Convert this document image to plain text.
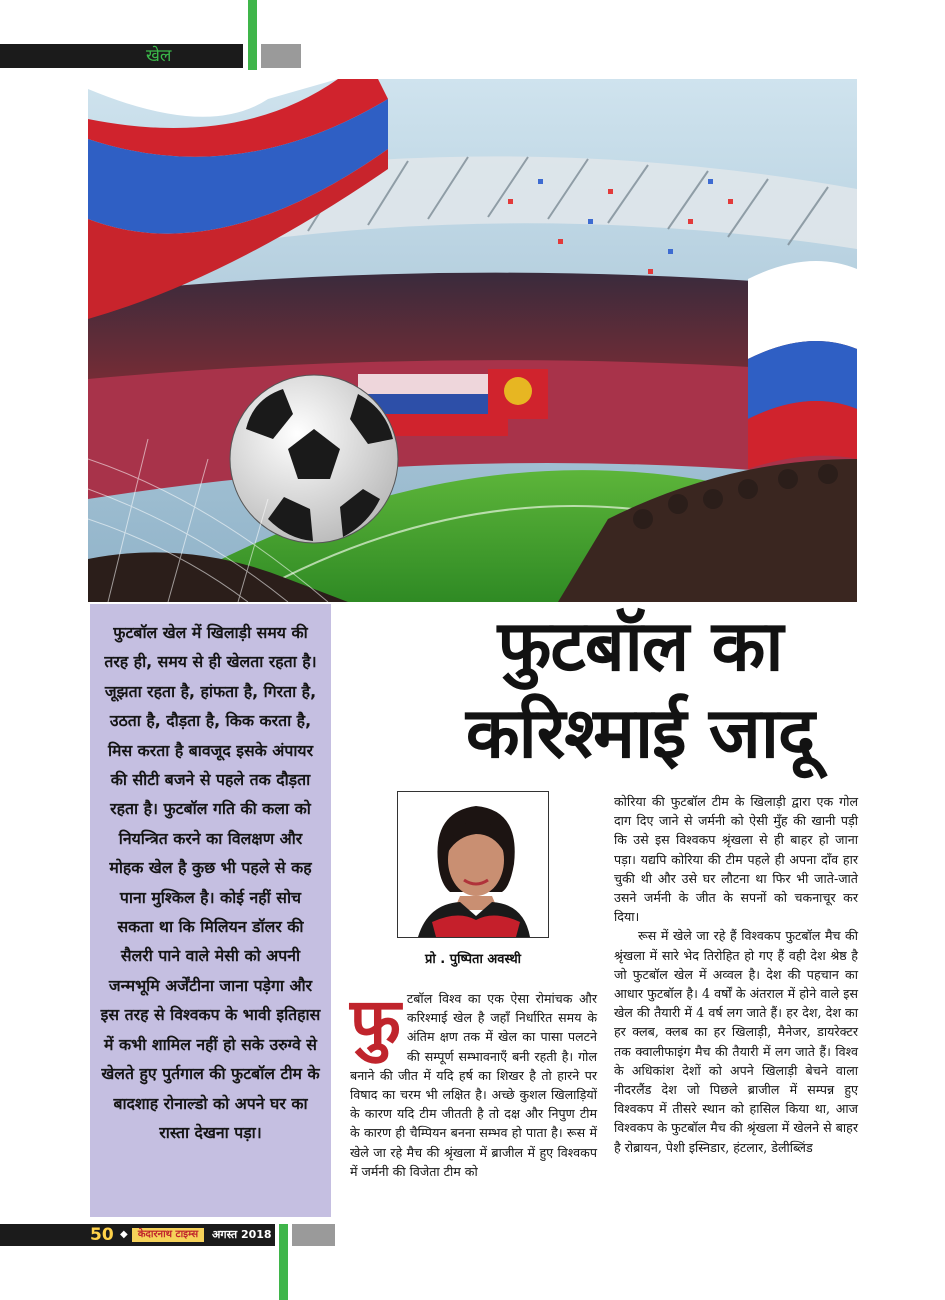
खेल

फुटबॉल खेल में खिलाड़ी समय की तरह ही, समय से ही खेलता रहता है। जूझता रहता है, हांफता है, गिरता है, उठता है, दौड़ता है, किक करता है, मिस करता है बावजूद इसके अंपायर की सीटी बजने से पहले तक दौड़ता रहता है। फुटबॉल गति की कला को नियन्त्रित करने का विलक्षण और मोहक खेल है कुछ भी पहले से कह पाना मुश्किल है। कोई नहीं सोच सकता था कि मिलियन डॉलर की सैलरी पाने वाले मेसी को अपनी जन्मभूमि अर्जेंटीना जाना पड़ेगा और इस तरह से विश्वकप के भावी इतिहास में कभी शामिल नहीं हो सके उरुग्वे से खेलते हुए पुर्तगाल की फुटबॉल टीम के बादशाह रोनाल्डो को अपने घर का रास्ता देखना पड़ा।

फुटबॉल का
करिश्माई जादू
प्रो . पुष्पिता अवस्थी

फुटबॉल विश्व का एक ऐसा रोमांचक और करिश्माई खेल है जहाँ निर्धारित समय के अंतिम क्षण तक में खेल का पासा पलटने की सम्पूर्ण सम्भावनाएँ बनी रहती है। गोल बनाने की जीत में यदि हर्ष का शिखर है तो हारने पर विषाद का चरम भी लक्षित है। अच्छे कुशल खिलाड़ियों के कारण यदि टीम जीतती है तो दक्ष और निपुण टीम के कारण ही चैम्पियन बनना सम्भव हो पाता है। रूस में खेले जा रहे मैच की श्रृंखला में ब्राजील में हुए विश्वकप में जर्मनी की विजेता टीम को

कोरिया की फुटबॉल टीम के खिलाड़ी द्वारा एक गोल दाग दिए जाने से जर्मनी को ऐसी मुँह की खानी पड़ी कि उसे इस विश्वकप श्रृंखला से ही बाहर हो जाना पड़ा। यद्यपि कोरिया की टीम पहले ही अपना दाँव हार चुकी थी और उसे घर लौटना था फिर भी जाते-जाते उसने जर्मनी के जीत के सपनों को चकनाचूर कर दिया।
रूस में खेले जा रहे हैं विश्वकप फुटबॉल मैच की श्रृंखला में सारे भेद तिरोहित हो गए हैं वही देश श्रेष्ठ है जो फुटबॉल खेल में अव्वल है। देश की पहचान का आधार फुटबॉल है। 4 वर्षों के अंतराल में होने वाले इस खेल की तैयारी में 4 वर्ष लग जाते हैं। हर देश, देश का हर क्लब, क्लब का हर खिलाड़ी, मैनेजर, डायरेक्टर तक क्वालीफाइंग मैच की तैयारी में लग जाते हैं। विश्व के अधिकांश देशों को अपने खिलाड़ी बेचने वाला नीदरलैंड देश जो पिछले ब्राजील में सम्पन्न हुए विश्वकप में तीसरे स्थान को हासिल किया था, आज विश्वकप के फुटबॉल मैच की श्रृंखला में खेलने से बाहर है रोब्रायन, पेशी इस्निडार, हंटलार, डेलीब्लिंड
50 ◆	केदारनाथ टाइम्स	अगस्त 2018
